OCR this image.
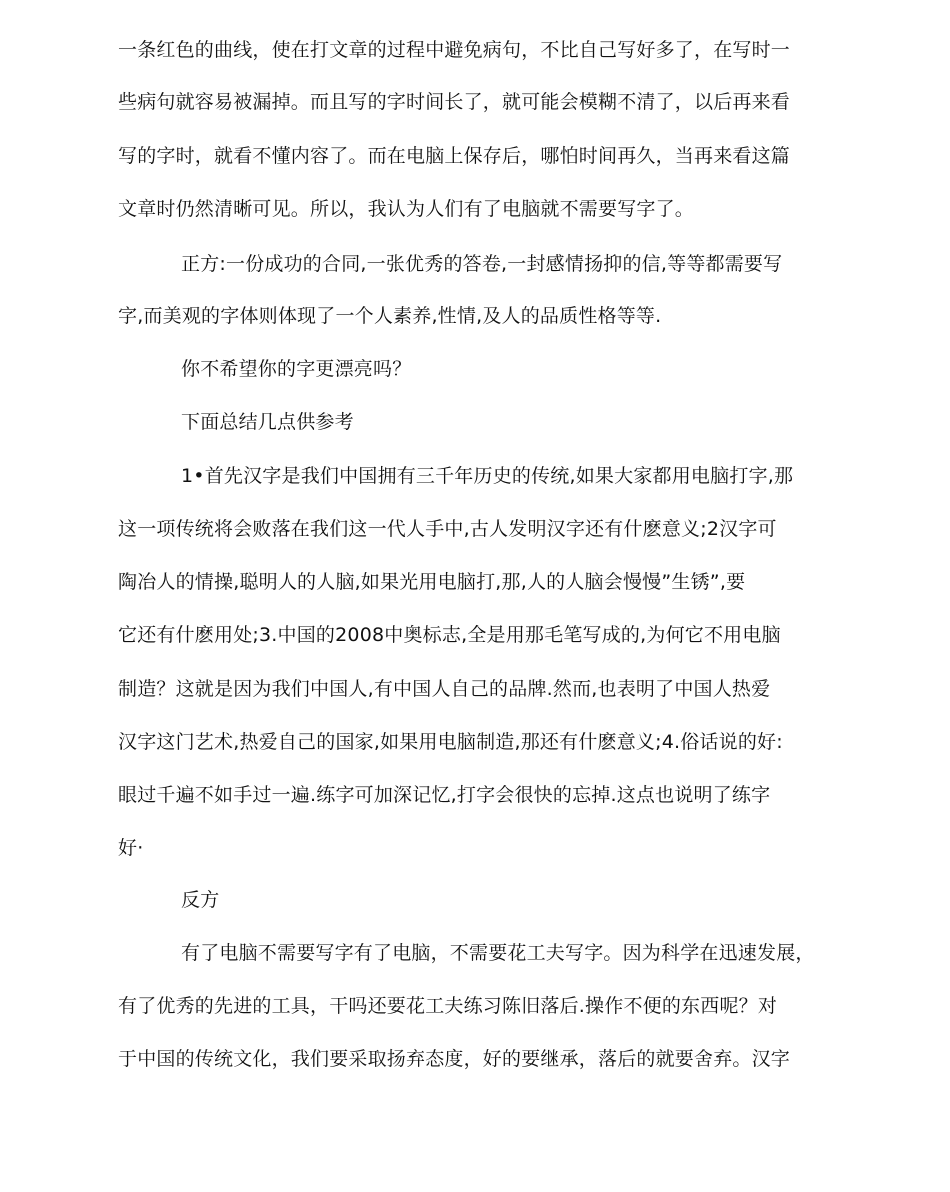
一条红色的曲线，使在打文章的过程中避免病句，不比自己写好多了，在写时一
些病句就容易被漏掉。而且写的字时间长了，就可能会模糊不清了，以后再来看
写的字时，就看不懂内容了。而在电脑上保存后，哪怕时间再久，当再来看这篇
文章时仍然清晰可见。所以，我认为人们有了电脑就不需要写字了。
正方:一份成功的合同,一张优秀的答卷,一封感情扬抑的信,等等都需要写
字,而美观的字体则体现了一个人素养,性情,及人的品质性格等等.
你不希望你的字更漂亮吗？
下面总结几点供参考
1•首先汉字是我们中国拥有三千年历史的传统,如果大家都用电脑打字,那
这一项传统将会败落在我们这一代人手中,古人发明汉字还有什麽意义;2汉字可
陶冶人的情操,聪明人的人脑,如果光用电脑打,那,人的人脑会慢慢”生锈”,要
它还有什麽用处;3.中国的2008中奥标志,全是用那毛笔写成的,为何它不用电脑
制造？这就是因为我们中国人,有中国人自己的品牌.然而,也表明了中国人热爱
汉字这门艺术,热爱自己的国家,如果用电脑制造,那还有什麽意义;4.俗话说的好:
眼过千遍不如手过一遍.练字可加深记忆,打字会很快的忘掉.这点也说明了练字
好·
反方
有了电脑不需要写字有了电脑，不需要花工夫写字。因为科学在迅速发展，
有了优秀的先进的工具，干吗还要花工夫练习陈旧落后.操作不便的东西呢？对
于中国的传统文化，我们要采取扬弃态度，好的要继承，落后的就要舍弃。汉字
